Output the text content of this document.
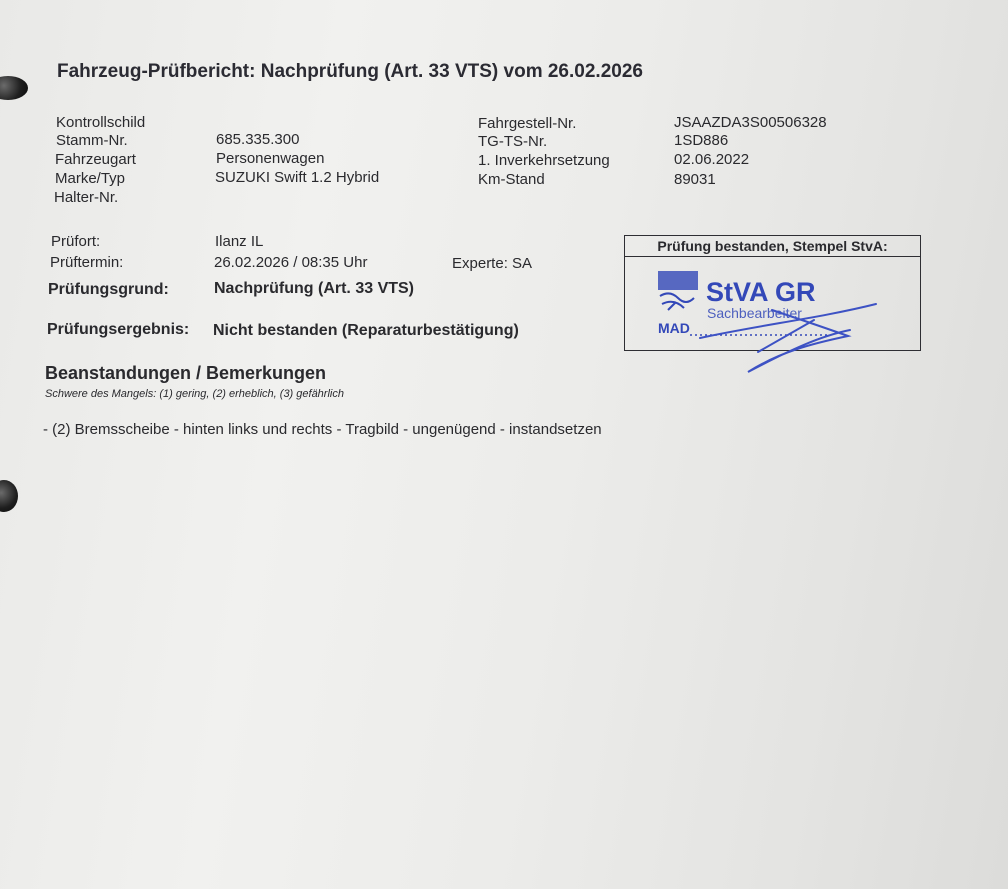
Fahrzeug-Prüfbericht: Nachprüfung (Art. 33 VTS) vom 26.02.2026
Kontrollschild
Stamm-Nr.	685.335.300
Fahrzeugart	Personenwagen
Marke/Typ	SUZUKI Swift 1.2 Hybrid
Halter-Nr.
Fahrgestell-Nr.	JSAAZDA3S00506328
TG-TS-Nr.	1SD886
1. Inverkehrsetzung	02.06.2022
Km-Stand	89031
Prüfort:	Ilanz IL
Prüftermin:	26.02.2026 / 08:35 Uhr	Experte: SA
Prüfungsgrund:	Nachprüfung (Art. 33 VTS)
Prüfungsergebnis: Nicht bestanden (Reparaturbestätigung)
Prüfung bestanden, Stempel StvA:
StVA GR
Sachbearbeiter
MAD
Beanstandungen / Bemerkungen
Schwere des Mangels: (1) gering, (2) erheblich, (3) gefährlich
- (2) Bremsscheibe - hinten links und rechts - Tragbild - ungenügend - instandsetzen
